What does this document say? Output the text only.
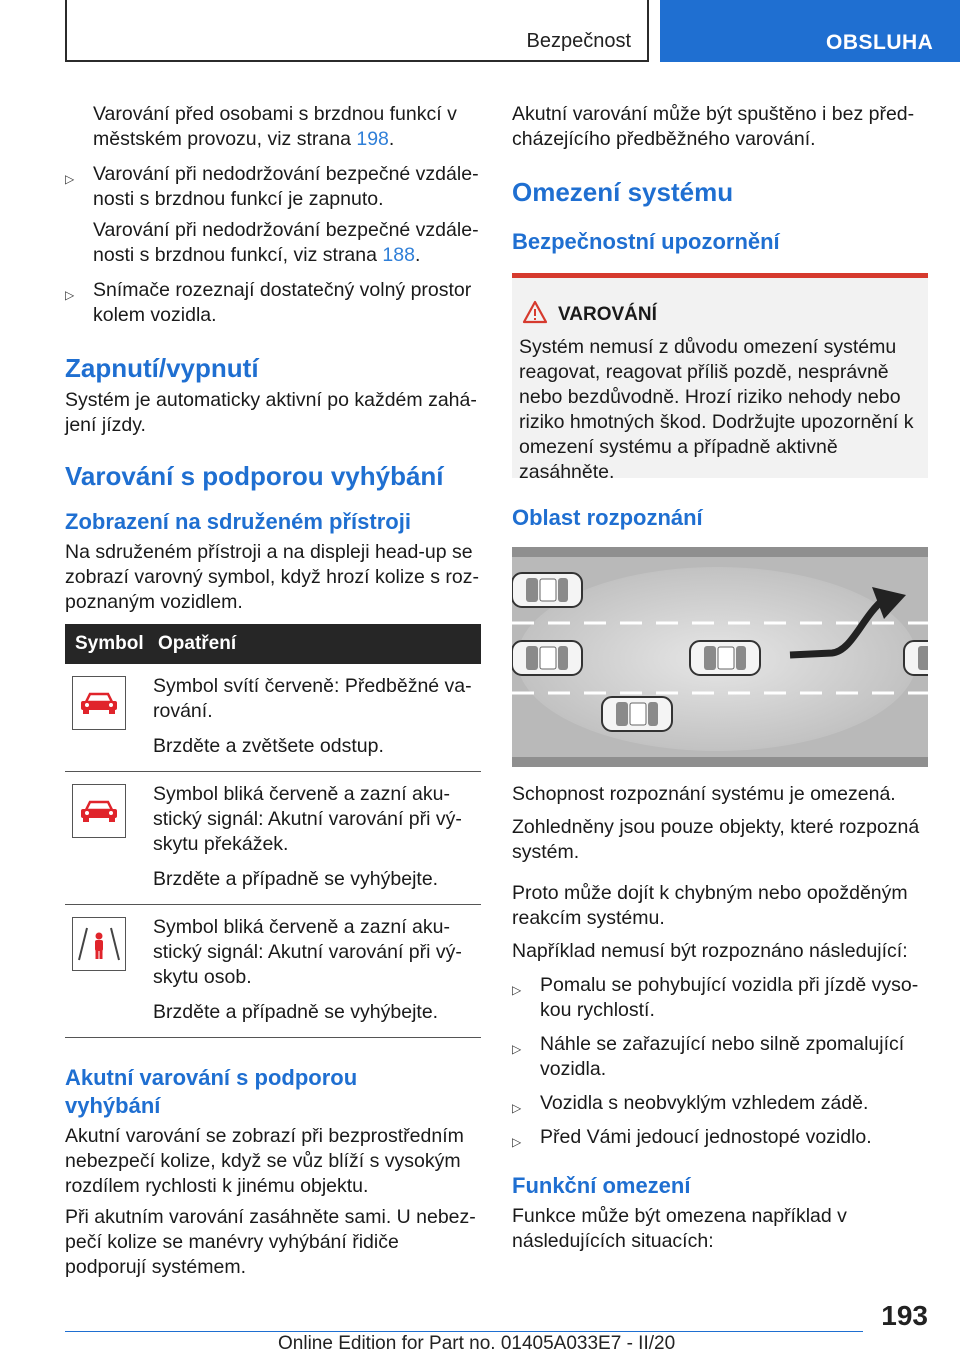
Bezpečnost	OBSLUHA

Varování před osobami s brzdnou funkcí v městském provozu, viz strana 198.

▷ Varování při nedodržování bezpečné vzdálenosti s brzdnou funkcí je zapnuto.

Varování při nedodržování bezpečné vzdálenosti s brzdnou funkcí, viz strana 188.

▷ Snímače rozeznají dostatečný volný prostor kolem vozidla.
Zapnutí/vypnutí

Systém je automaticky aktivní po každém zahájení jízdy.

Varování s podporou vyhýbání
Zobrazení na sdruženém přístroji

Na sdruženém přístroji a na displeji head-up se zobrazí varovný symbol, když hrozí kolize s rozpoznaným vozidlem.

Symbol	Opatření

Symbol svítí červeně: Předběžné varování.
Brzděte a zvětšete odstup.

Symbol bliká červeně a zazní akustický signál: Akutní varování při výskytu překážek.
Brzděte a případně se vyhýbejte.

Symbol bliká červeně a zazní akustický signál: Akutní varování při výskytu osob.
Brzděte a případně se vyhýbejte.
Akutní varování s podporou vyhýbání

Akutní varování se zobrazí při bezprostředním nebezpečí kolize, když se vůz blíží s vysokým rozdílem rychlosti k jinému objektu.

Při akutním varování zasáhněte sami. U nebezpečí kolize se manévry vyhýbání řidiče podporují systémem.

Akutní varování může být spuštěno i bez předcházejícího předběžného varování.

Omezení systému
Bezpečnostní upozornění
VAROVÁNÍ

Systém nemusí z důvodu omezení systému reagovat, reagovat příliš pozdě, nesprávně nebo bezdůvodně. Hrozí riziko nehody nebo riziko hmotných škod. Dodržujte upozornění k omezení systému a případně aktivně zasáhněte.

Oblast rozpoznání

Schopnost rozpoznání systému je omezená.

Zohledněny jsou pouze objekty, které rozpozná systém.

Proto může dojít k chybným nebo opožděným reakcím systému.

Například nemusí být rozpoznáno následující:

▷ Pomalu se pohybující vozidla při jízdě vysokou rychlostí.
▷ Náhle se zařazující nebo silně zpomalující vozidla.
▷ Vozidla s neobvyklým vzhledem zádě.
▷ Před Vámi jedoucí jednostopé vozidlo.
Funkční omezení

Funkce může být omezena například v následujících situacích:

193
Online Edition for Part no. 01405A033E7 - II/20
